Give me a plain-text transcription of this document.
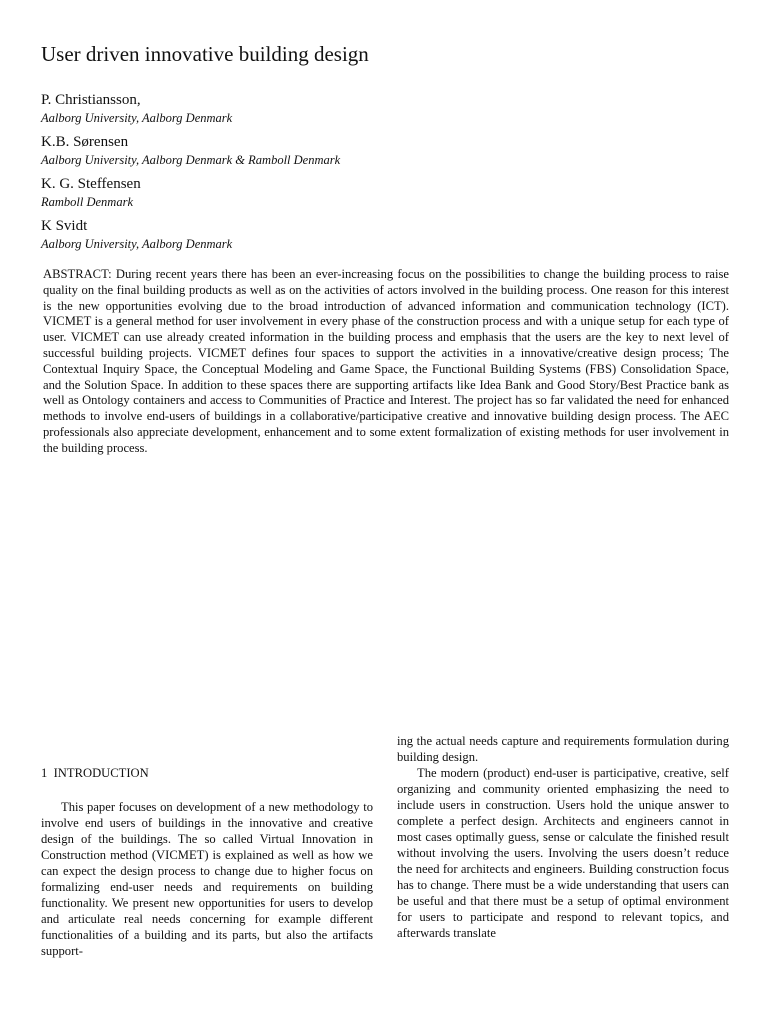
User driven innovative building design
P. Christiansson,
Aalborg University, Aalborg Denmark
K.B. Sørensen
Aalborg University, Aalborg Denmark & Ramboll Denmark
K. G. Steffensen
Ramboll Denmark
K Svidt
Aalborg University, Aalborg Denmark

ABSTRACT: During recent years there has been an ever-increasing focus on the possibilities to change the building process to raise quality on the final building products as well as on the activities of actors involved in the building process. One reason for this interest is the new opportunities evolving due to the broad introduction of advanced information and communication technology (ICT). VICMET is a general method for user involvement in every phase of the construction process and with a unique setup for each type of user. VICMET can use already created information in the building process and emphasis that the users are the key to next level of successful building projects. VICMET defines four spaces to support the activities in a innovative/creative design process; The Contextual Inquiry Space, the Conceptual Modeling and Game Space, the Functional Building Systems (FBS) Consolidation Space, and the Solution Space. In addition to these spaces there are supporting artifacts like Idea Bank and Good Story/Best Practice bank as well as Ontology containers and access to Communities of Practice and Interest. The project has so far validated the need for enhanced methods to involve end-users of buildings in a collaborative/participative creative and innovative building design process. The AEC professionals also appreciate development, enhancement and to some extent formalization of existing methods for user involvement in the building process.

1 INTRODUCTION

This paper focuses on development of a new methodology to involve end users of buildings in the innovative and creative design of the buildings. The so called Virtual Innovation in Construction method (VICMET) is explained as well as how we can expect the design process to change due to higher focus on formalizing end-user needs and requirements on building functionality. We present new opportunities for users to develop and articulate real needs concerning for example different functionalities of a building and its parts, but also the artifacts support-

ing the actual needs capture and requirements formulation during building design.

The modern (product) end-user is participative, creative, self organizing and community oriented emphasizing the need to include users in construction. Users hold the unique answer to complete a perfect design. Architects and engineers cannot in most cases optimally guess, sense or calculate the finished result without involving the users. Involving the users doesn’t reduce the need for architects and engineers. Building construction focus has to change. There must be a wide understanding that users can be useful and that there must be a setup of optimal environment for users to participate and respond to relevant topics, and afterwards translate
